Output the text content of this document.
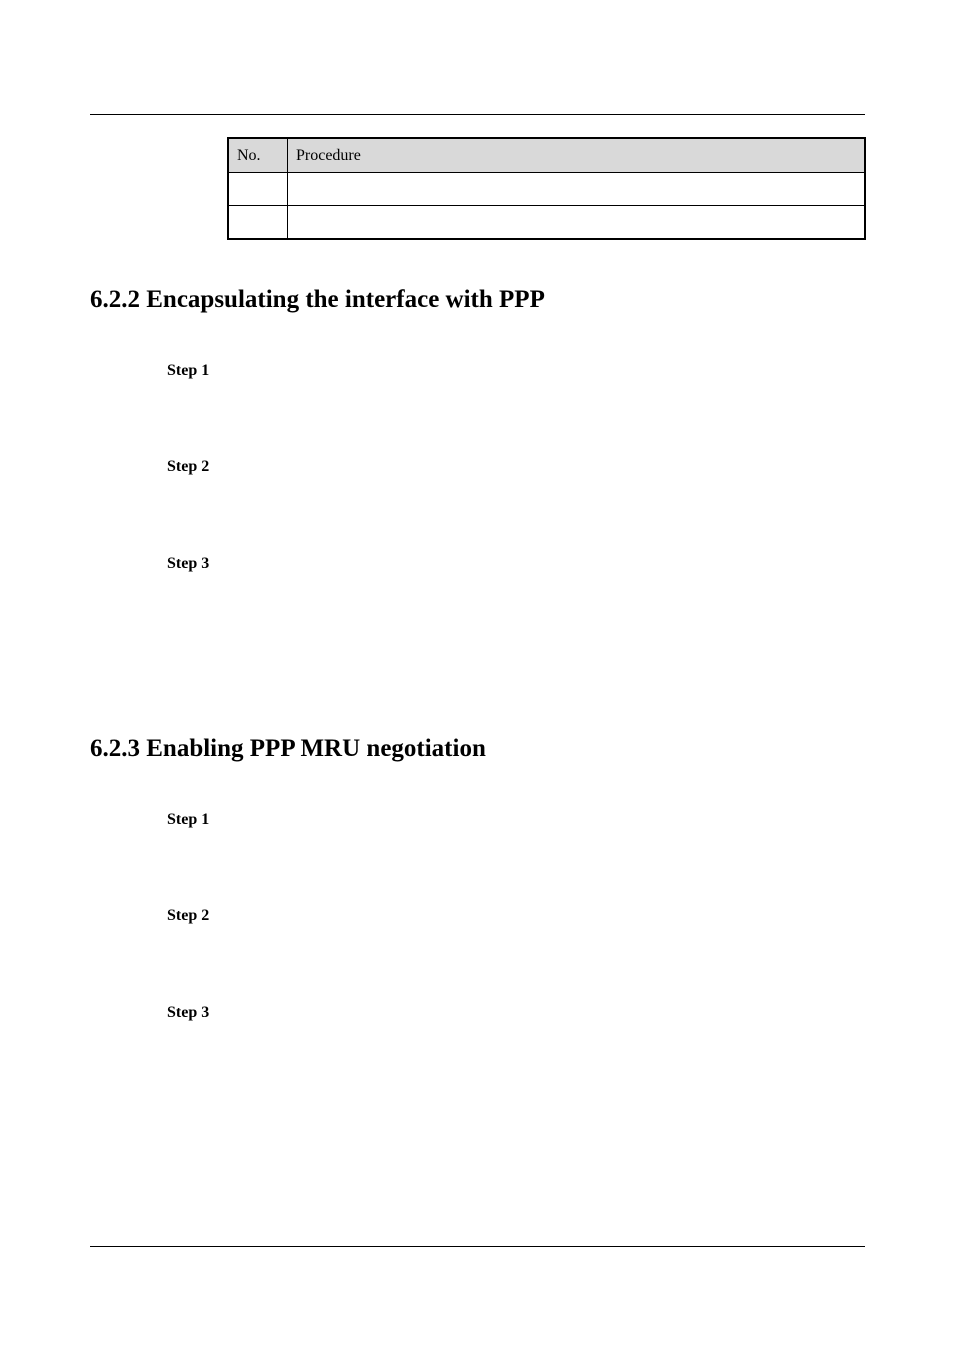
No.	Procedure

6.2.2 Encapsulating the interface with PPP
Step 1
Step 2
Step 3
6.2.3 Enabling PPP MRU negotiation
Step 1
Step 2
Step 3
